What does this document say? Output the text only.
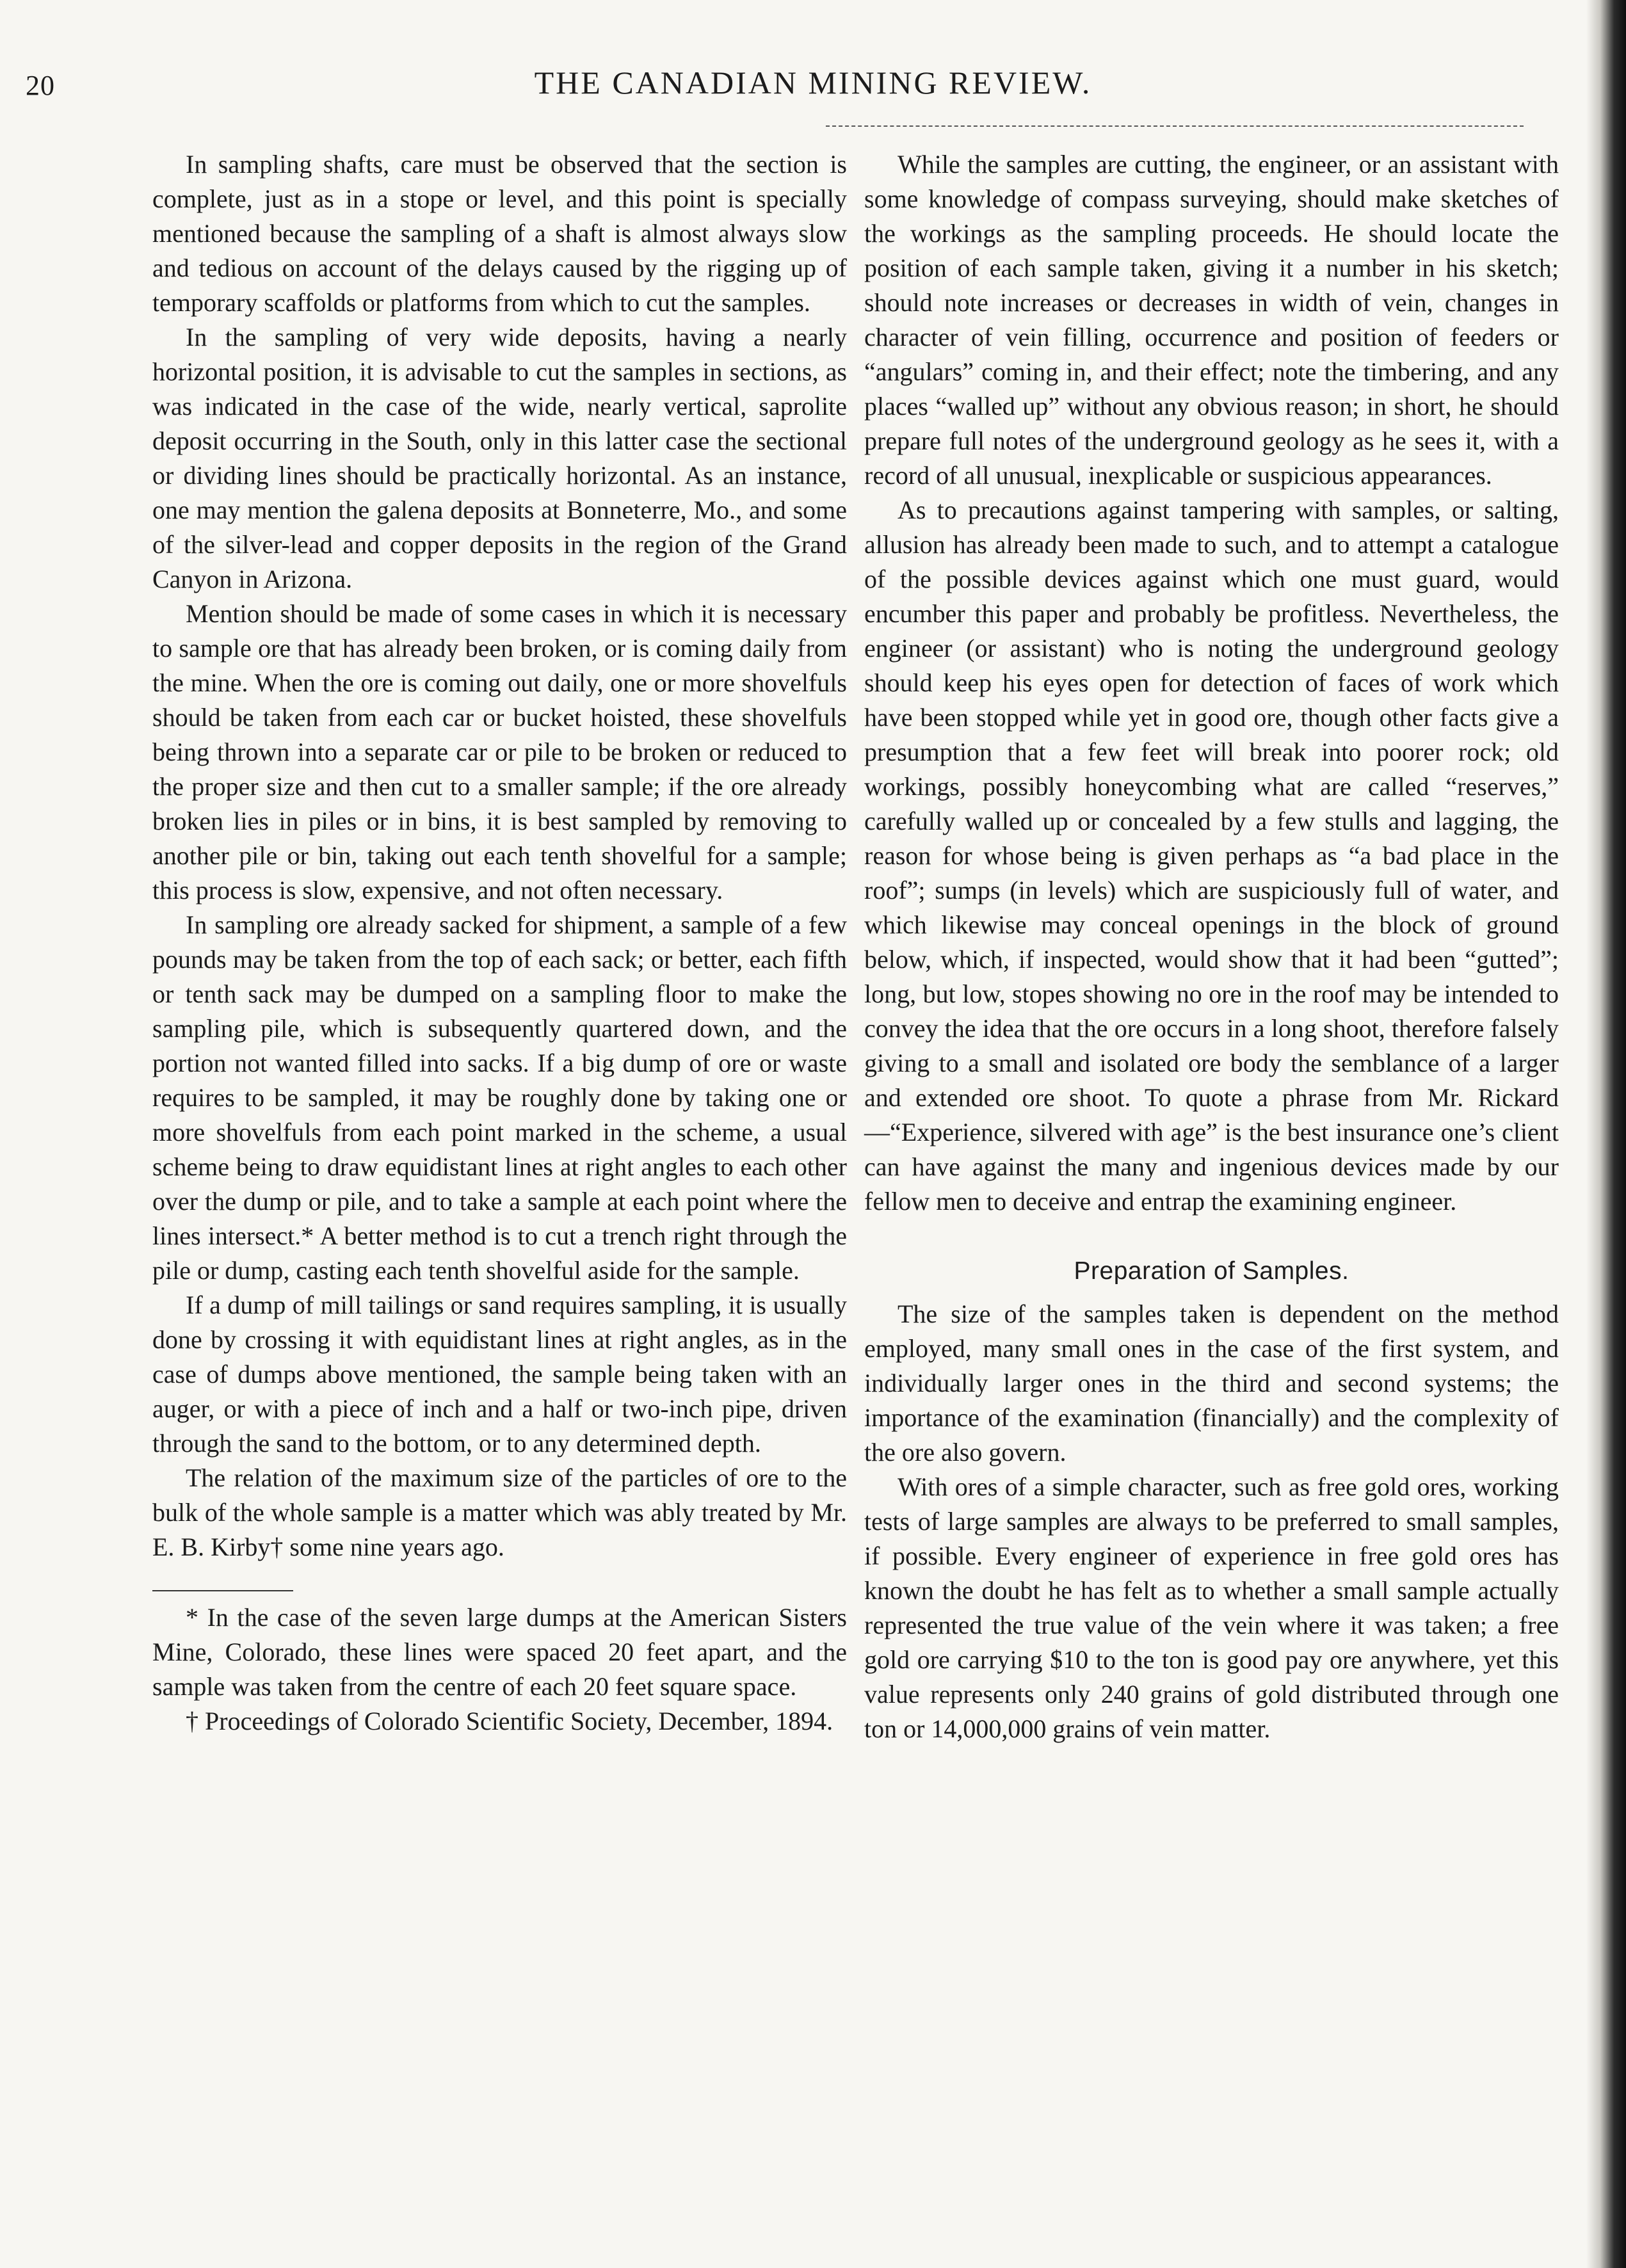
20	THE CANADIAN MINING REVIEW.

In sampling shafts, care must be observed that the section is complete, just as in a stope or level, and this point is specially mentioned because the sampling of a shaft is almost always slow and tedious on account of the delays caused by the rigging up of temporary scaffolds or platforms from which to cut the samples.

In the sampling of very wide deposits, having a nearly horizontal position, it is advisable to cut the samples in sections, as was indicated in the case of the wide, nearly vertical, saprolite deposit occurring in the South, only in this latter case the sectional or dividing lines should be practically horizontal. As an instance, one may mention the galena deposits at Bonneterre, Mo., and some of the silver-lead and copper deposits in the region of the Grand Canyon in Arizona.

Mention should be made of some cases in which it is necessary to sample ore that has already been broken, or is coming daily from the mine. When the ore is coming out daily, one or more shovelfuls should be taken from each car or bucket hoisted, these shovelfuls being thrown into a separate car or pile to be broken or reduced to the proper size and then cut to a smaller sample; if the ore already broken lies in piles or in bins, it is best sampled by removing to another pile or bin, taking out each tenth shovelful for a sample; this process is slow, expensive, and not often necessary.

In sampling ore already sacked for shipment, a sample of a few pounds may be taken from the top of each sack; or better, each fifth or tenth sack may be dumped on a sampling floor to make the sampling pile, which is subsequently quartered down, and the portion not wanted filled into sacks. If a big dump of ore or waste requires to be sampled, it may be roughly done by taking one or more shovelfuls from each point marked in the scheme, a usual scheme being to draw equidistant lines at right angles to each other over the dump or pile, and to take a sample at each point where the lines intersect.* A better method is to cut a trench right through the pile or dump, casting each tenth shovelful aside for the sample.

If a dump of mill tailings or sand requires sampling, it is usually done by crossing it with equidistant lines at right angles, as in the case of dumps above mentioned, the sample being taken with an auger, or with a piece of inch and a half or two-inch pipe, driven through the sand to the bottom, or to any determined depth.

The relation of the maximum size of the particles of ore to the bulk of the whole sample is a matter which was ably treated by Mr. E. B. Kirby† some nine years ago.

* In the case of the seven large dumps at the American Sisters Mine, Colorado, these lines were spaced 20 feet apart, and the sample was taken from the centre of each 20 feet square space.

† Proceedings of Colorado Scientific Society, December, 1894.

While the samples are cutting, the engineer, or an assistant with some knowledge of compass surveying, should make sketches of the workings as the sampling proceeds. He should locate the position of each sample taken, giving it a number in his sketch; should note increases or decreases in width of vein, changes in character of vein filling, occurrence and position of feeders or “angulars” coming in, and their effect; note the timbering, and any places “walled up” without any obvious reason; in short, he should prepare full notes of the underground geology as he sees it, with a record of all unusual, inexplicable or suspicious appearances.

As to precautions against tampering with samples, or salting, allusion has already been made to such, and to attempt a catalogue of the possible devices against which one must guard, would encumber this paper and probably be profitless. Nevertheless, the engineer (or assistant) who is noting the underground geology should keep his eyes open for detection of faces of work which have been stopped while yet in good ore, though other facts give a presumption that a few feet will break into poorer rock; old workings, possibly honeycombing what are called “reserves,” carefully walled up or concealed by a few stulls and lagging, the reason for whose being is given perhaps as “a bad place in the roof”; sumps (in levels) which are suspiciously full of water, and which likewise may conceal openings in the block of ground below, which, if inspected, would show that it had been “gutted”; long, but low, stopes showing no ore in the roof may be intended to convey the idea that the ore occurs in a long shoot, therefore falsely giving to a small and isolated ore body the semblance of a larger and extended ore shoot. To quote a phrase from Mr. Rickard—“Experience, silvered with age” is the best insurance one’s client can have against the many and ingenious devices made by our fellow men to deceive and entrap the examining engineer.

Preparation of Samples.

The size of the samples taken is dependent on the method employed, many small ones in the case of the first system, and individually larger ones in the third and second systems; the importance of the examination (financially) and the complexity of the ore also govern.

With ores of a simple character, such as free gold ores, working tests of large samples are always to be preferred to small samples, if possible. Every engineer of experience in free gold ores has known the doubt he has felt as to whether a small sample actually represented the true value of the vein where it was taken; a free gold ore carrying $10 to the ton is good pay ore anywhere, yet this value represents only 240 grains of gold distributed through one ton or 14,000,000 grains of vein matter.
